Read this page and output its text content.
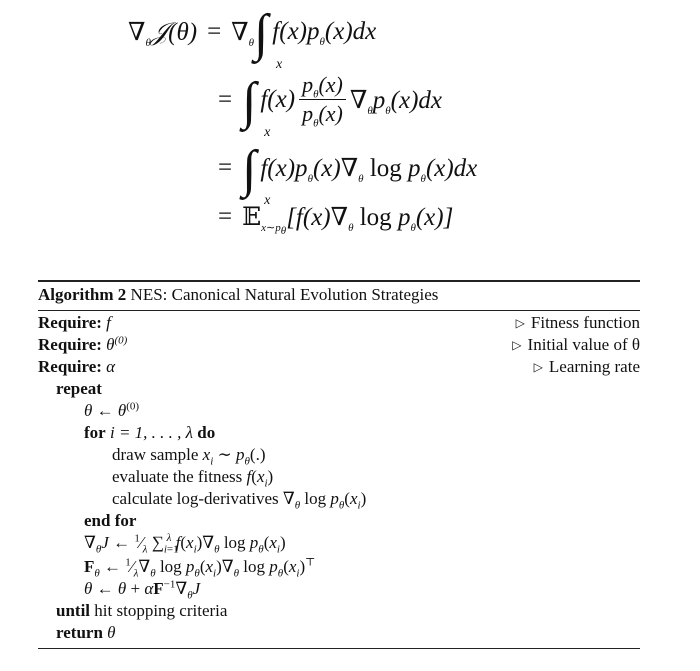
$\nabla_\theta 𝒥(\theta) = \nabla_\theta$ ∫
x
$f(x)p_\theta(x)dx$
= ∫
x
$f(x) \frac{p_\theta(x)}{p_\theta(x)} \nabla_\theta p_\theta(x)dx$
= ∫
x
$f(x)p_\theta(x)\nabla_\theta$ $\log p_\theta(x)dx$
= 𝔼$_{x\sim p_\theta}$
[$f(x)\nabla_\theta$ $\log p_\theta(x)$]
Algorithm 2 NES: Canonical Natural Evolution Strategies
Require: f	▷ Fitness function
Require: $\theta^{(0)}$	▷ Initial value of θ
Require: α	▷ Learning rate
repeat
θ ← $\theta^{(0)}$
for i = 1, . . . , λ do
draw sample $x_i$ ∼ $p_\theta(.)$
evaluate the fitness $f(x_i)$
calculate log-derivatives $\nabla_\theta$ $\log p_\theta(x_i)$
end for
$\nabla_\theta J$ ← $^1⁄_\lambda$ $\sum_{i=1}^\lambda$ $f(x_i)\nabla_\theta$ $\log p_\theta(x_i)$
$F_\theta$ ← $^1⁄_\lambda\nabla_\theta$ $\log p_\theta(x_i)\nabla_\theta$ $\log p_\theta(x_i)^⊤$
θ ← $\theta + \alpha F^{-1}\nabla_\theta J$
until hit stopping criteria
return θ
